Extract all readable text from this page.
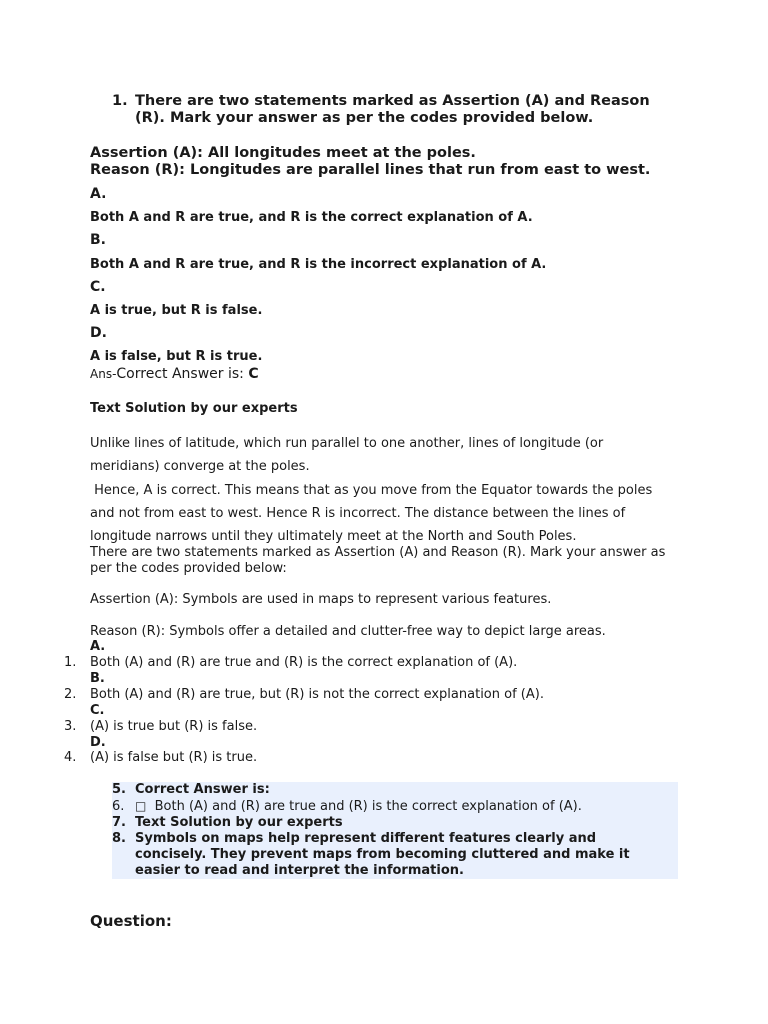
1. There are two statements marked as Assertion (A) and Reason
(R). Mark your answer as per the codes provided below.
Assertion (A): All longitudes meet at the poles.
Reason (R): Longitudes are parallel lines that run from east to west.
A.
Both A and R are true, and R is the correct explanation of A.
B.
Both A and R are true, and R is the incorrect explanation of A.
C.
A is true, but R is false.
D.
A is false, but R is true.
Ans-Correct Answer is: C
Text Solution by our experts
Unlike lines of latitude, which run parallel to one another, lines of longitude (or
meridians) converge at the poles.
Hence, A is correct. This means that as you move from the Equator towards the poles
and not from east to west. Hence R is incorrect. The distance between the lines of
longitude narrows until they ultimately meet at the North and South Poles.
There are two statements marked as Assertion (A) and Reason (R). Mark your answer as
per the codes provided below:
Assertion (A): Symbols are used in maps to represent various features.
Reason (R): Symbols offer a detailed and clutter-free way to depict large areas.
A.
1. Both (A) and (R) are true and (R) is the correct explanation of (A).
B.
2. Both (A) and (R) are true, but (R) is not the correct explanation of (A).
C.
3. (A) is true but (R) is false.
D.
4. (A) is false but (R) is true.
5. Correct Answer is:
6. □  Both (A) and (R) are true and (R) is the correct explanation of (A).
7. Text Solution by our experts
8. Symbols on maps help represent different features clearly and
concisely. They prevent maps from becoming cluttered and make it
easier to read and interpret the information.
Question:
